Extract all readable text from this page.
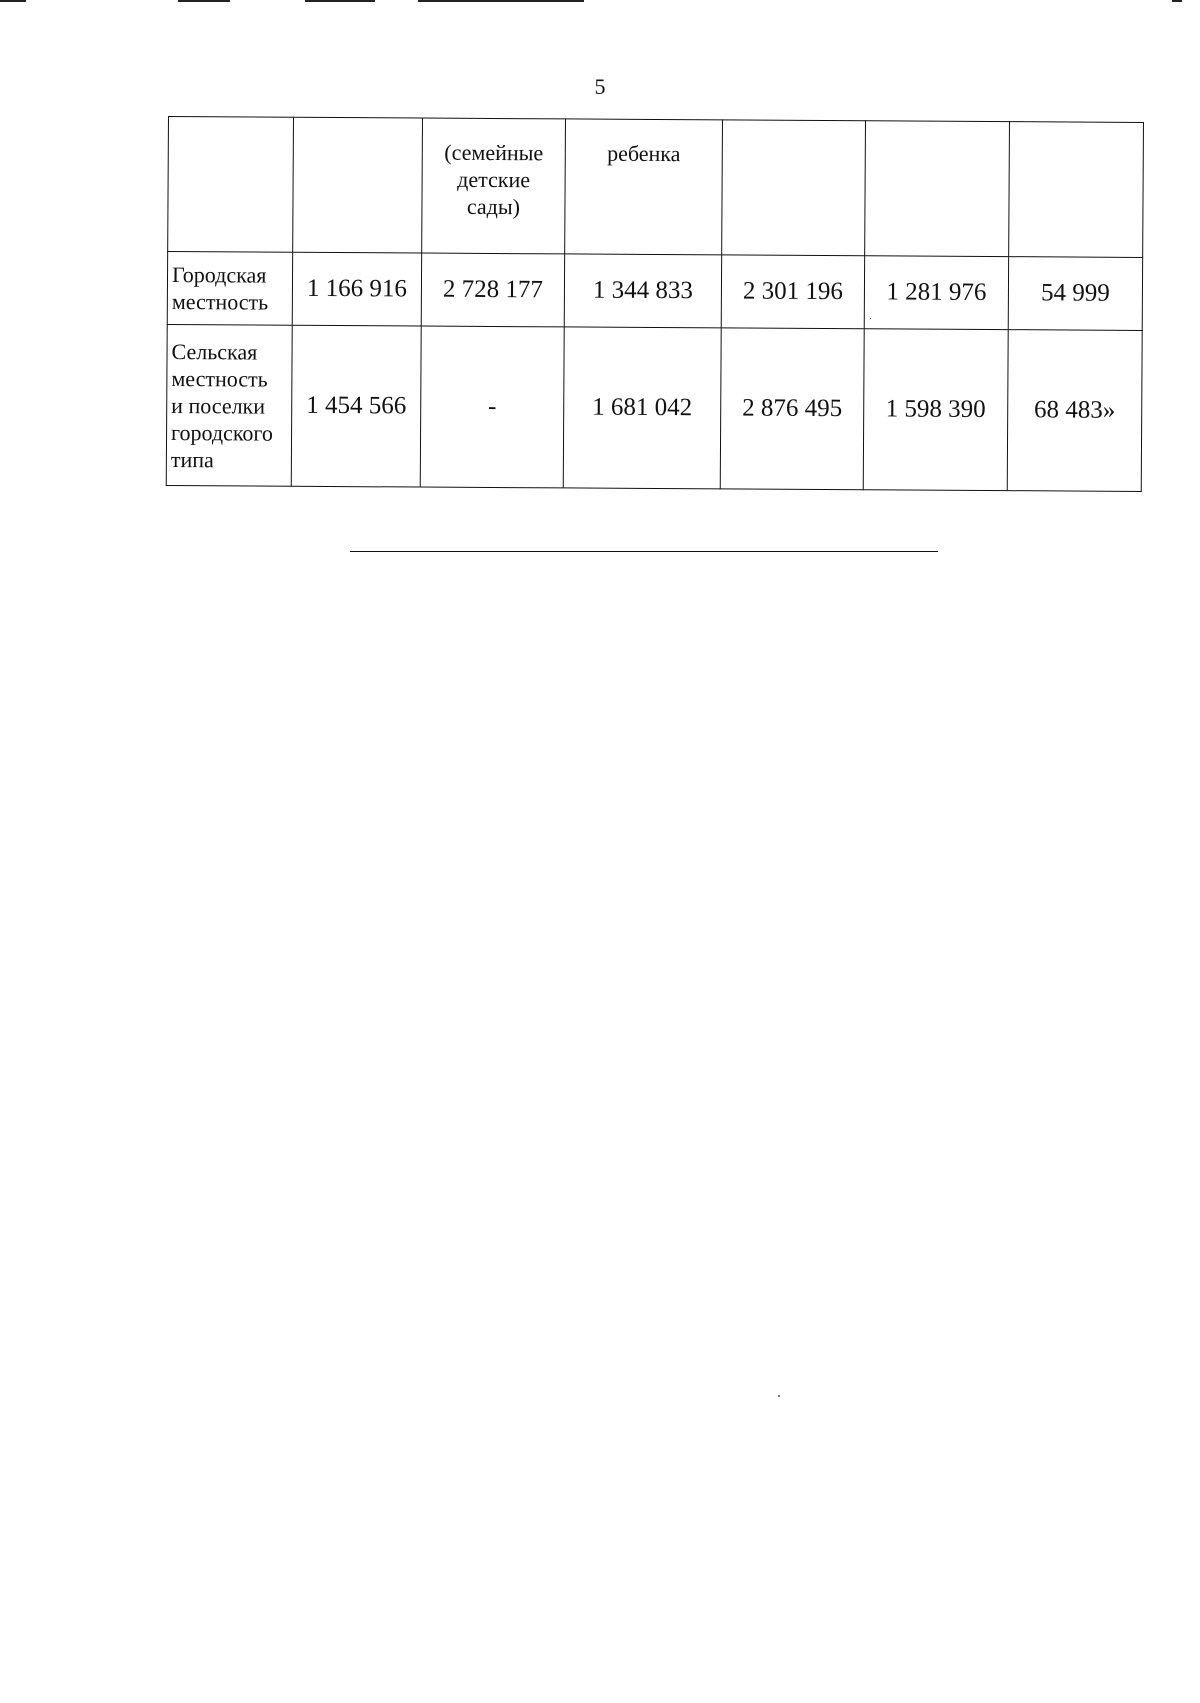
5

		(семейные детские сады)	ребенка			

Городская
местность	1 166 916	2 728 177	1 344 833	2 301 196	1 281 976	54 999

Сельская
местность
и поселки
городского
типа	1 454 566	-	1 681 042	2 876 495	1 598 390	68 483»
